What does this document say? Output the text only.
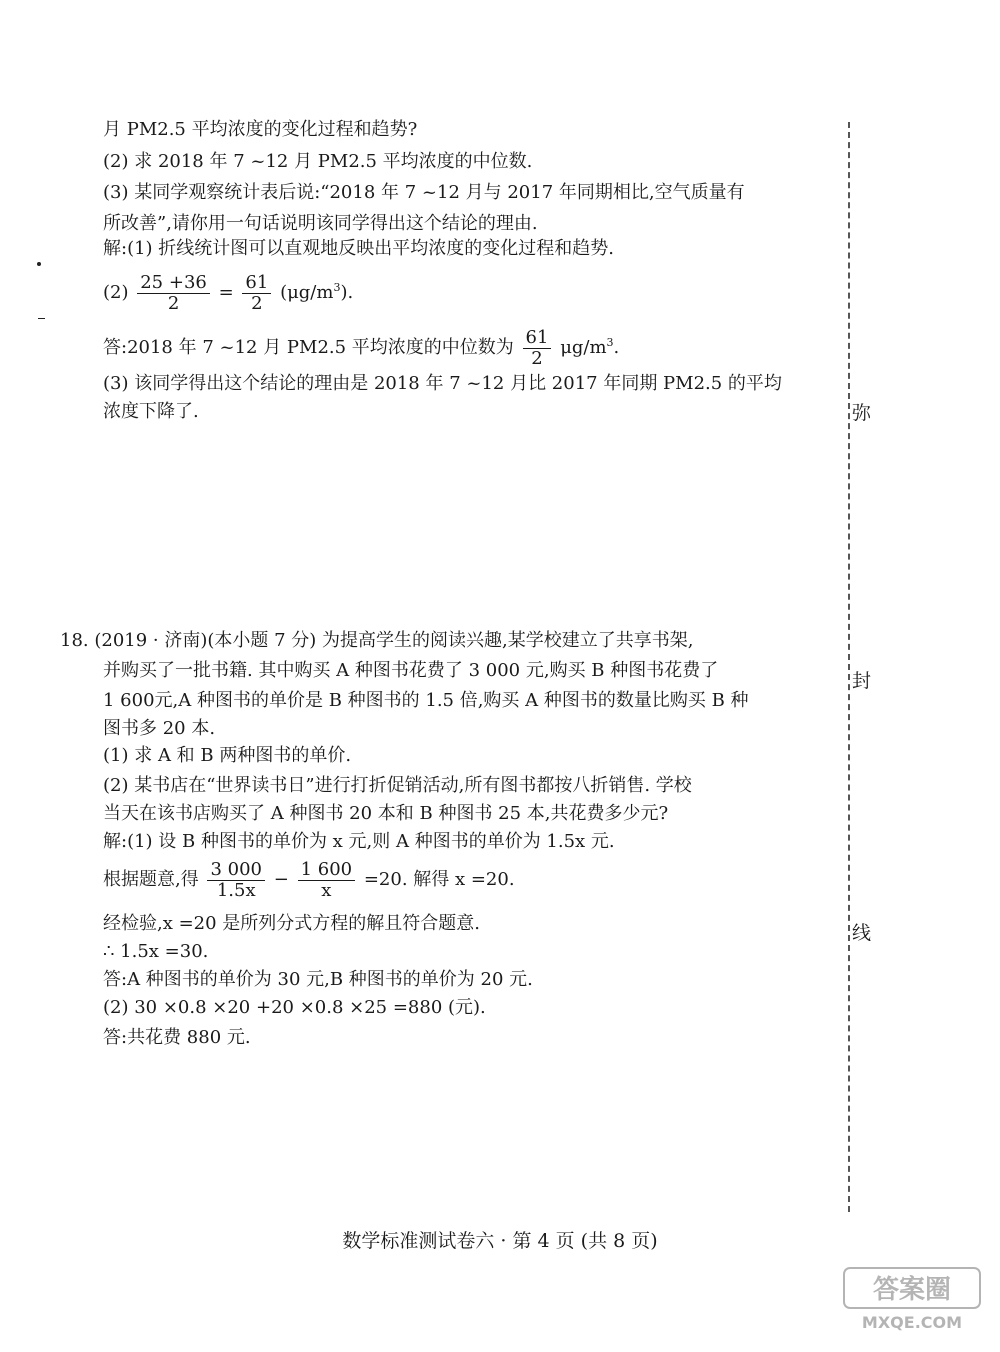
月 PM2.5 平均浓度的变化过程和趋势?
(2) 求 2018 年 7 ~12 月 PM2.5 平均浓度的中位数.
(3) 某同学观察统计表后说:“2018 年 7 ~12 月与 2017 年同期相比,空气质量有
所改善”,请你用一句话说明该同学得出这个结论的理由.
解:(1) 折线统计图可以直观地反映出平均浓度的变化过程和趋势.
$(2) \frac{25 +36}{2} = \frac{61}{2} (\mu g/m^3)$.
答:2018 年 7 ~12 月 PM2.5 平均浓度的中位数为 $\frac{61}{2} \mu g/m^3$.
(3) 该同学得出这个结论的理由是 2018 年 7 ~12 月比 2017 年同期 PM2.5 的平均
浓度下降了.
18. (2019 · 济南)(本小题 7 分) 为提高学生的阅读兴趣,某学校建立了共享书架,
并购买了一批书籍. 其中购买 A 种图书花费了 3 000 元,购买 B 种图书花费了
1 600元,A 种图书的单价是 B 种图书的 1.5 倍,购买 A 种图书的数量比购买 B 种
图书多 20 本.
(1) 求 A 和 B 两种图书的单价.
(2) 某书店在“世界读书日”进行打折促销活动,所有图书都按八折销售. 学校
当天在该书店购买了 A 种图书 20 本和 B 种图书 25 本,共花费多少元?
解:(1) 设 B 种图书的单价为 x 元,则 A 种图书的单价为 1.5x 元.
根据题意,得 $\frac{3 000}{1.5x} - \frac{1 600}{x} =20$. 解得 x =20.
经检验,x =20 是所列分式方程的解且符合题意.
∴ 1.5x =30.
答:A 种图书的单价为 30 元,B 种图书的单价为 20 元.
(2) 30 ×0.8 ×20 +20 ×0.8 ×25 =880 (元).
答:共花费 880 元.
弥
封
线
数学标准测试卷六 · 第 4 页 (共 8 页)
答案圈
MXQE.COM
